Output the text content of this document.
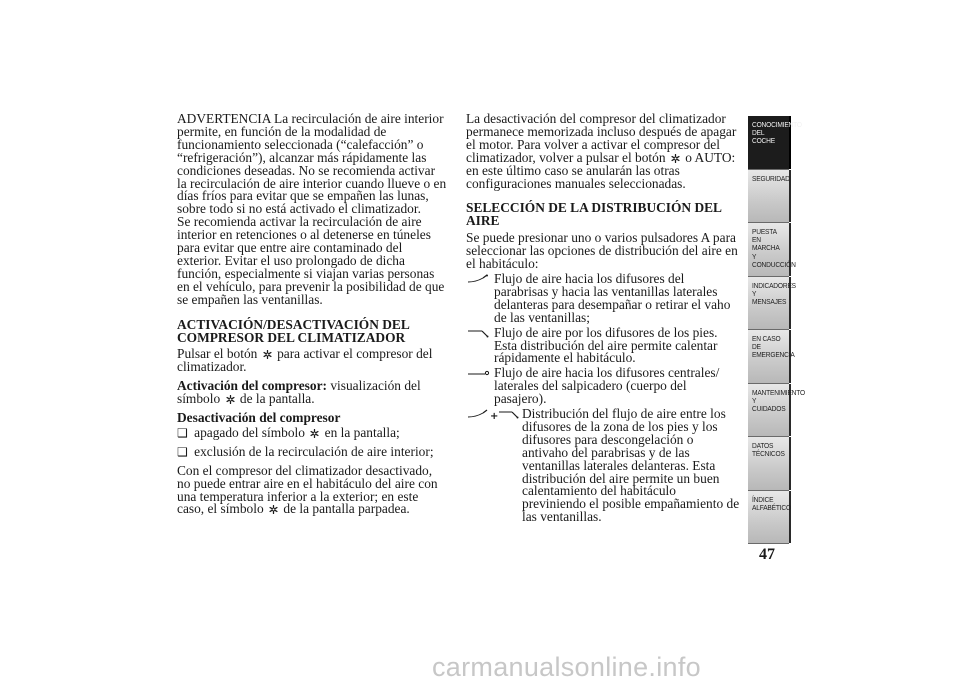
ADVERTENCIA La recirculación de aire interior permite, en función de la modalidad de funcionamiento seleccionada (“calefacción” o “refrigeración”), alcanzar más rápidamente las condiciones deseadas. No se recomienda activar la recirculación de aire interior cuando llueve o en días fríos para evitar que se empañen las lunas, sobre todo si no está activado el climatizador.
Se recomienda activar la recirculación de aire interior en retenciones o al detenerse en túneles para evitar que entre aire contaminado del exterior. Evitar el uso prolongado de dicha función, especialmente si viajan varias personas en el vehículo, para prevenir la posibilidad de que se empañen las ventanillas.

ACTIVACIÓN/DESACTIVACIÓN DEL COMPRESOR DEL CLIMATIZADOR

Pulsar el botón para activar el compresor del climatizador.

Activación del compresor: visualización del símbolo de la pantalla.

Desactivación del compresor

❑ apagado del símbolo en la pantalla;

❑ exclusión de la recirculación de aire interior;

Con el compresor del climatizador desactivado, no puede entrar aire en el habitáculo del aire con una temperatura inferior a la exterior; en este caso, el símbolo de la pantalla parpadea.

La desactivación del compresor del climatizador permanece memorizada incluso después de apagar el motor. Para volver a activar el compresor del climatizador, volver a pulsar el botón o AUTO: en este último caso se anularán las otras configuraciones manuales seleccionadas.

SELECCIÓN DE LA DISTRIBUCIÓN DEL AIRE

Se puede presionar uno o varios pulsadores A para seleccionar las opciones de distribución del aire en el habitáculo:

Flujo de aire hacia los difusores del parabrisas y hacia las ventanillas laterales delanteras para desempañar o retirar el vaho de las ventanillas;
Flujo de aire por los difusores de los pies. Esta distribución del aire permite calentar rápidamente el habitáculo.
Flujo de aire hacia los difusores centrales/ laterales del salpicadero (cuerpo del pasajero).
+ Distribución del flujo de aire entre los difusores de la zona de los pies y los difusores para descongelación o antivaho del parabrisas y de las ventanillas laterales delanteras. Esta distribución del aire permite un buen calentamiento del habitáculo previniendo el posible empañamiento de las ventanillas.
CONOCIMIENTO
DEL COCHE
SEGURIDAD
PUESTA EN
MARCHA Y
CONDUCCIÓN
INDICADORES Y
MENSAJES
EN CASO DE
EMERGENCIA
MANTENIMIENTO Y
CUIDADOS
DATOS TÉCNICOS
ÍNDICE
ALFABÉTICO
47
carmanualsonline.info
